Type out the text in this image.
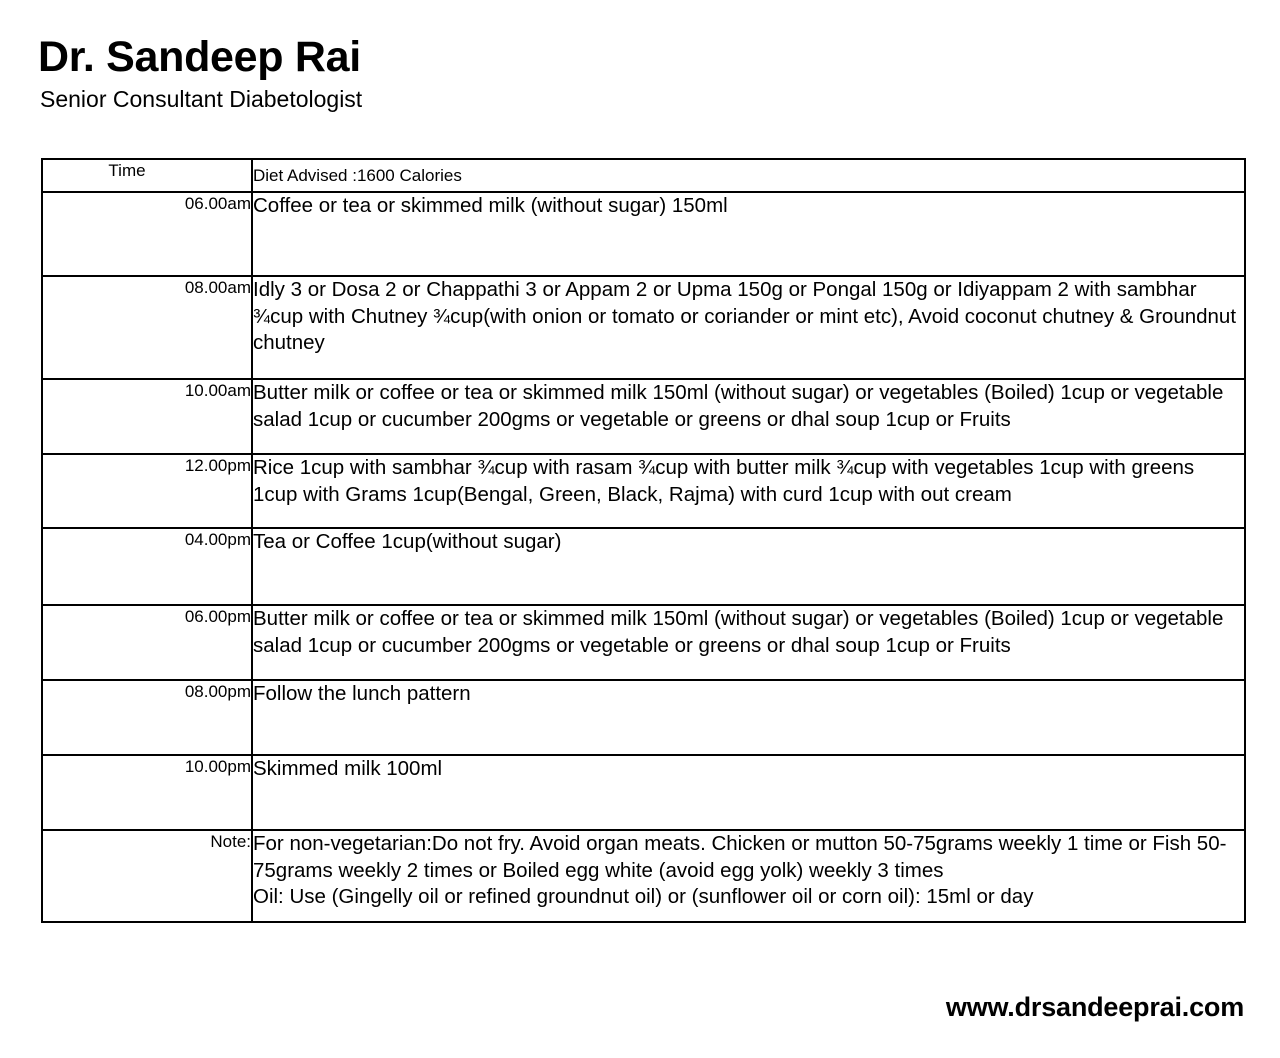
Dr. Sandeep Rai
Senior Consultant Diabetologist
Time	Diet Advised :1600 Calories
06.00am	Coffee or tea or skimmed milk (without sugar) 150ml

08.00am	Idly 3 or Dosa 2 or Chappathi 3 or Appam 2 or Upma 150g or Pongal 150g or Idiyappam 2 with sambhar ¾cup with Chutney ¾cup(with onion or tomato or coriander or mint etc), Avoid coconut chutney & Groundnut chutney

10.00am	Butter milk or coffee or tea or skimmed milk 150ml (without sugar) or vegetables (Boiled) 1cup or vegetable salad 1cup or cucumber 200gms or vegetable or greens or dhal soup 1cup or Fruits

12.00pm	Rice 1cup with sambhar ¾cup with rasam ¾cup with butter milk ¾cup with vegetables 1cup with greens 1cup with Grams 1cup(Bengal, Green, Black, Rajma) with curd 1cup with out cream

04.00pm	Tea or Coffee 1cup(without sugar)

06.00pm	Butter milk or coffee or tea or skimmed milk 150ml (without sugar) or vegetables (Boiled) 1cup or vegetable salad 1cup or cucumber 200gms or vegetable or greens or dhal soup 1cup or Fruits

08.00pm	Follow the lunch pattern

10.00pm	Skimmed milk 100ml

Note:	For non-vegetarian:Do not fry. Avoid organ meats. Chicken or mutton 50-75grams weekly 1 time or Fish 50-75grams weekly 2 times or Boiled egg white (avoid egg yolk) weekly 3 times

Oil: Use (Gingelly oil or refined groundnut oil) or (sunflower oil or corn oil): 15ml or day

www.drsandeeprai.com
